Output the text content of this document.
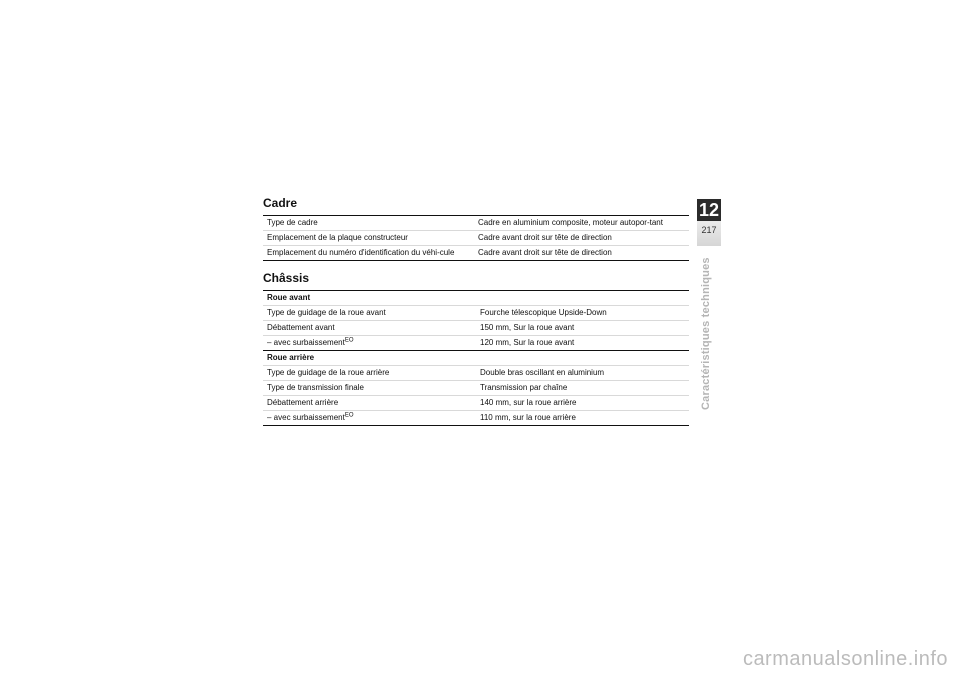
Cadre
Type de cadre	Cadre en aluminium composite, moteur autopor-tant
Emplacement de la plaque constructeur	Cadre avant droit sur tête de direction
Emplacement du numéro d'identification du véhi-cule	Cadre avant droit sur tête de direction
Châssis
Roue avant	
Type de guidage de la roue avant	Fourche télescopique Upside-Down
Débattement avant	150 mm, Sur la roue avant
– avec surbaissement$^{EO}$	120 mm, Sur la roue avant
Roue arrière	
Type de guidage de la roue arrière	Double bras oscillant en aluminium
Type de transmission finale	Transmission par chaîne
Débattement arrière	140 mm, sur la roue arrière
– avec surbaissement$^{EO}$	110 mm, sur la roue arrière
12
217
Caractéristiques techniques
carmanualsonline.info
